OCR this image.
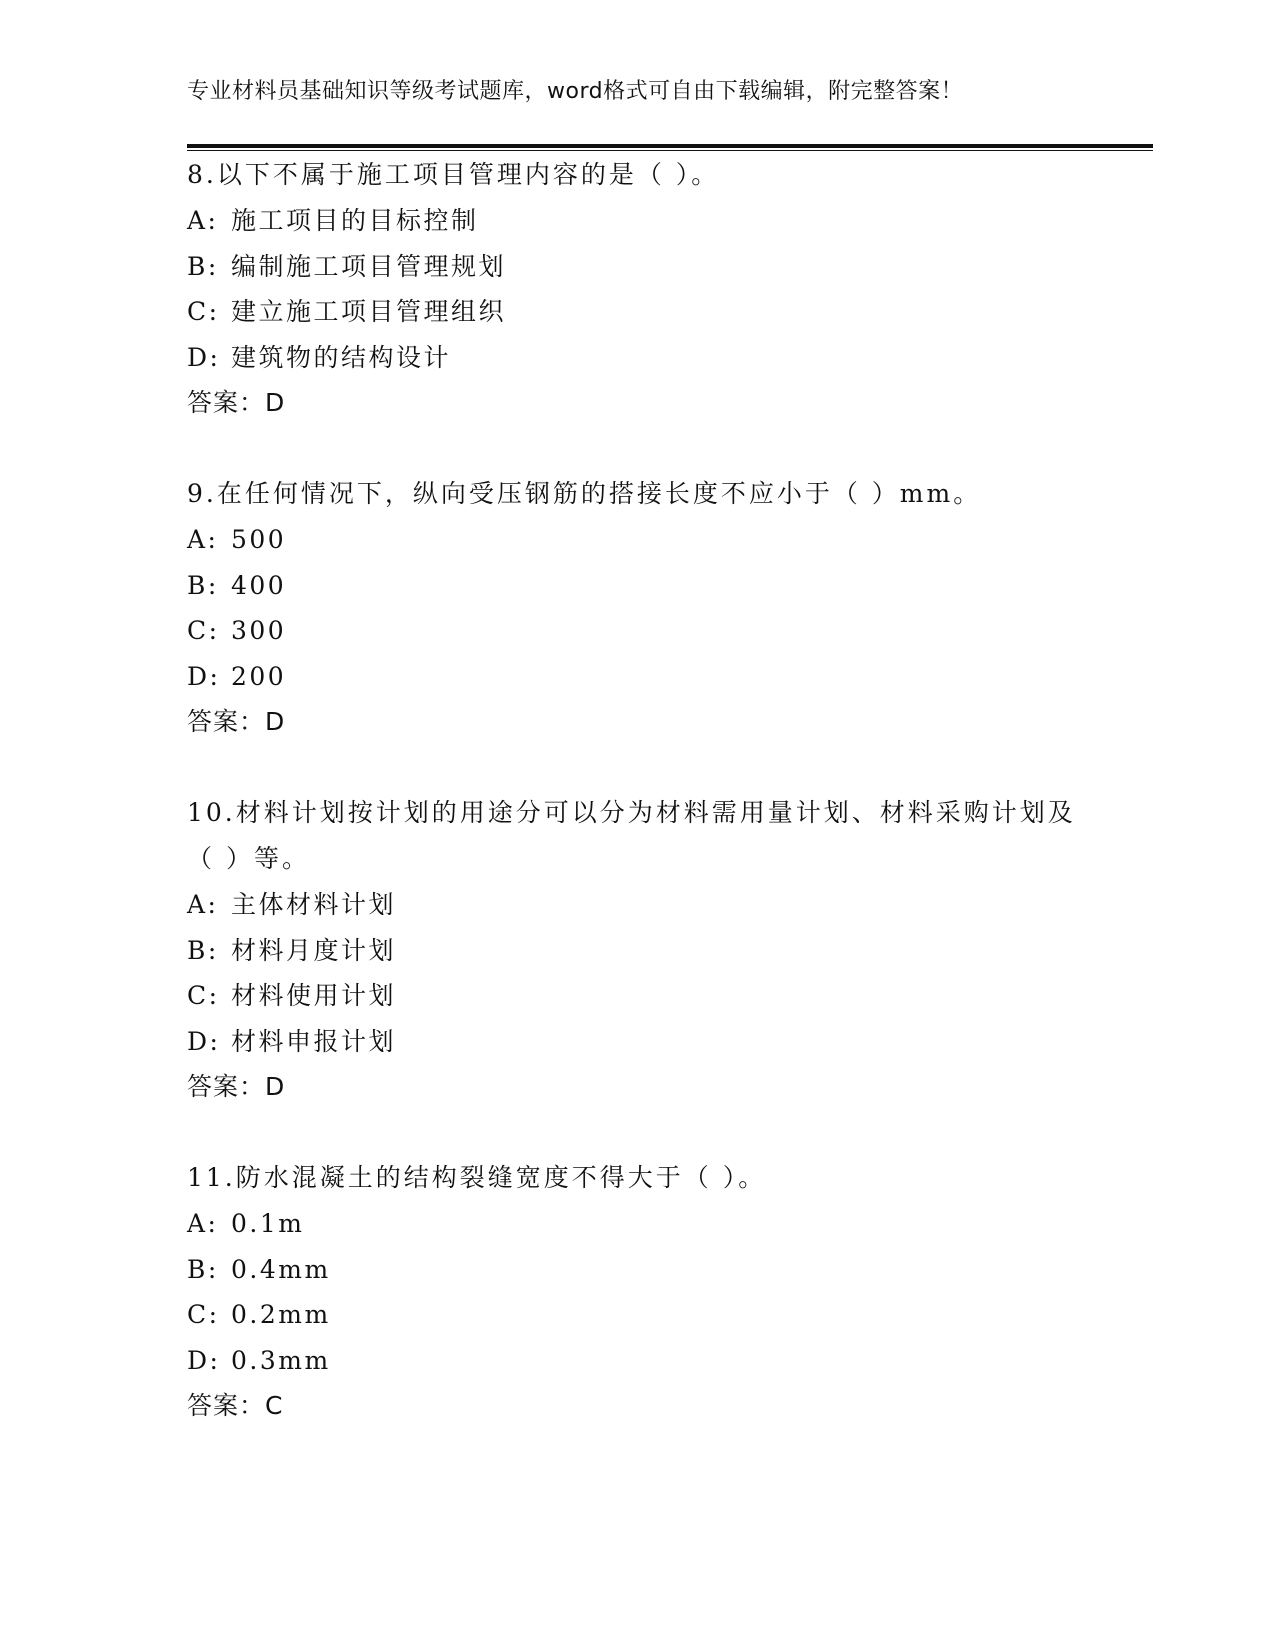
专业材料员基础知识等级考试题库，word格式可自由下载编辑，附完整答案！

8.以下不属于施工项目管理内容的是（ ）。

A: 施工项目的目标控制

B: 编制施工项目管理规划

C: 建立施工项目管理组织

D: 建筑物的结构设计

答案：D

9.在任何情况下，纵向受压钢筋的搭接长度不应小于（ ）mm。

A: 500

B: 400

C: 300

D: 200

答案：D

10.材料计划按计划的用途分可以分为材料需用量计划、材料采购计划及（ ）等。

A: 主体材料计划

B: 材料月度计划

C: 材料使用计划

D: 材料申报计划

答案：D

11.防水混凝土的结构裂缝宽度不得大于（ ）。

A: 0.1m

B: 0.4mm

C: 0.2mm

D: 0.3mm

答案：C
